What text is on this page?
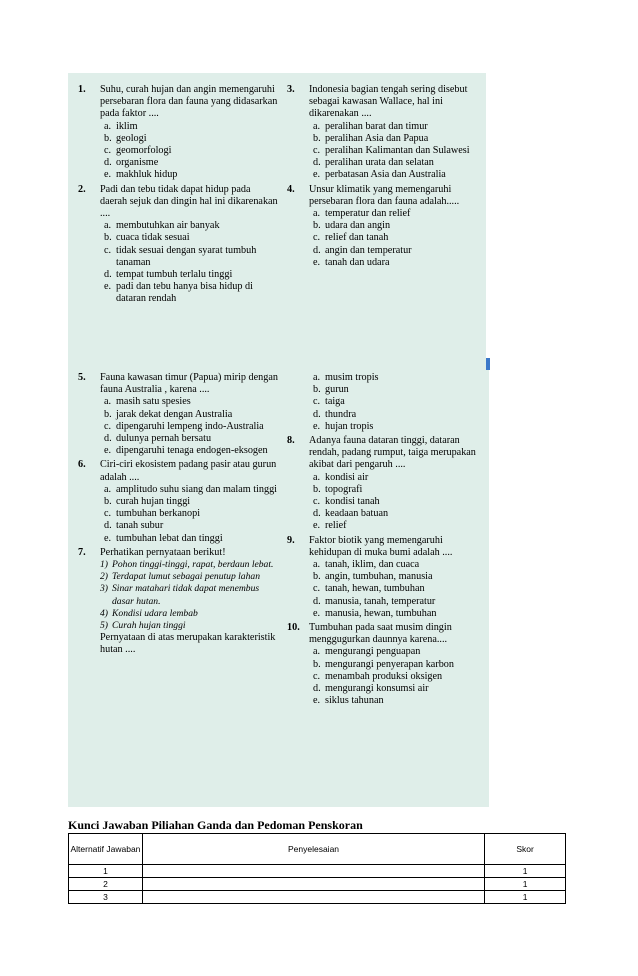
1. Suhu, curah hujan dan angin memengaruhi persebaran flora dan fauna yang didasarkan pada faktor ....
a. iklim
b. geologi
c. geomorfologi
d. organisme
e. makhluk hidup
2. Padi dan tebu tidak dapat hidup pada daerah sejuk dan dingin hal ini dikarenakan ....
a. membutuhkan air banyak
b. cuaca tidak sesuai
c. tidak sesuai dengan syarat tumbuh tanaman
d. tempat tumbuh terlalu tinggi
e. padi dan tebu hanya bisa hidup di dataran rendah
3. Indonesia bagian tengah sering disebut sebagai kawasan Wallace, hal ini dikarenakan ....
a. peralihan barat dan timur
b. peralihan Asia dan Papua
c. peralihan Kalimantan dan Sulawesi
d. peralihan urata dan selatan
e. perbatasan Asia dan Australia
4. Unsur klimatik yang memengaruhi persebaran flora dan fauna adalah.....
a. temperatur dan relief
b. udara dan angin
c. relief dan tanah
d. angin dan temperatur
e. tanah dan udara
5. Fauna kawasan timur (Papua) mirip dengan fauna Australia , karena ....
a. masih satu spesies
b. jarak dekat dengan Australia
c. dipengaruhi lempeng indo-Australia
d. dulunya pernah bersatu
e. dipengaruhi tenaga endogen-eksogen
6. Ciri-ciri ekosistem padang pasir atau gurun adalah ....
a. amplitudo suhu siang dan malam tinggi
b. curah hujan tinggi
c. tumbuhan berkanopi
d. tanah subur
e. tumbuhan lebat dan tinggi
7. Perhatikan pernyataan berikut!
1) Pohon tinggi-tinggi, rapat, berdaun lebat.
2) Terdapat lumut sebagai penutup lahan
3) Sinar matahari tidak dapat menembus dasar hutan.
4) Kondisi udara lembab
5) Curah hujan tinggi
Pernyataan di atas merupakan karakteristik hutan ....
a. musim tropis
b. gurun
c. taiga
d. thundra
e. hujan tropis
8. Adanya fauna dataran tinggi, dataran rendah, padang rumput, taiga merupakan akibat dari pengaruh ....
a. kondisi air
b. topografi
c. kondisi tanah
d. keadaan batuan
e. relief
9. Faktor biotik yang memengaruhi kehidupan di muka bumi adalah ....
a. tanah, iklim, dan cuaca
b. angin, tumbuhan, manusia
c. tanah, hewan, tumbuhan
d. manusia, tanah, temperatur
e. manusia, hewan, tumbuhan
10. Tumbuhan pada saat musim dingin menggugurkan daunnya karena....
a. mengurangi penguapan
b. mengurangi penyerapan karbon
c. menambah produksi oksigen
d. mengurangi konsumsi air
e. siklus tahunan
Kunci Jawaban Piliahan Ganda dan Pedoman Penskoran
Alternatif Jawaban	Penyelesaian	Skor
1		1
2		1
3		1
